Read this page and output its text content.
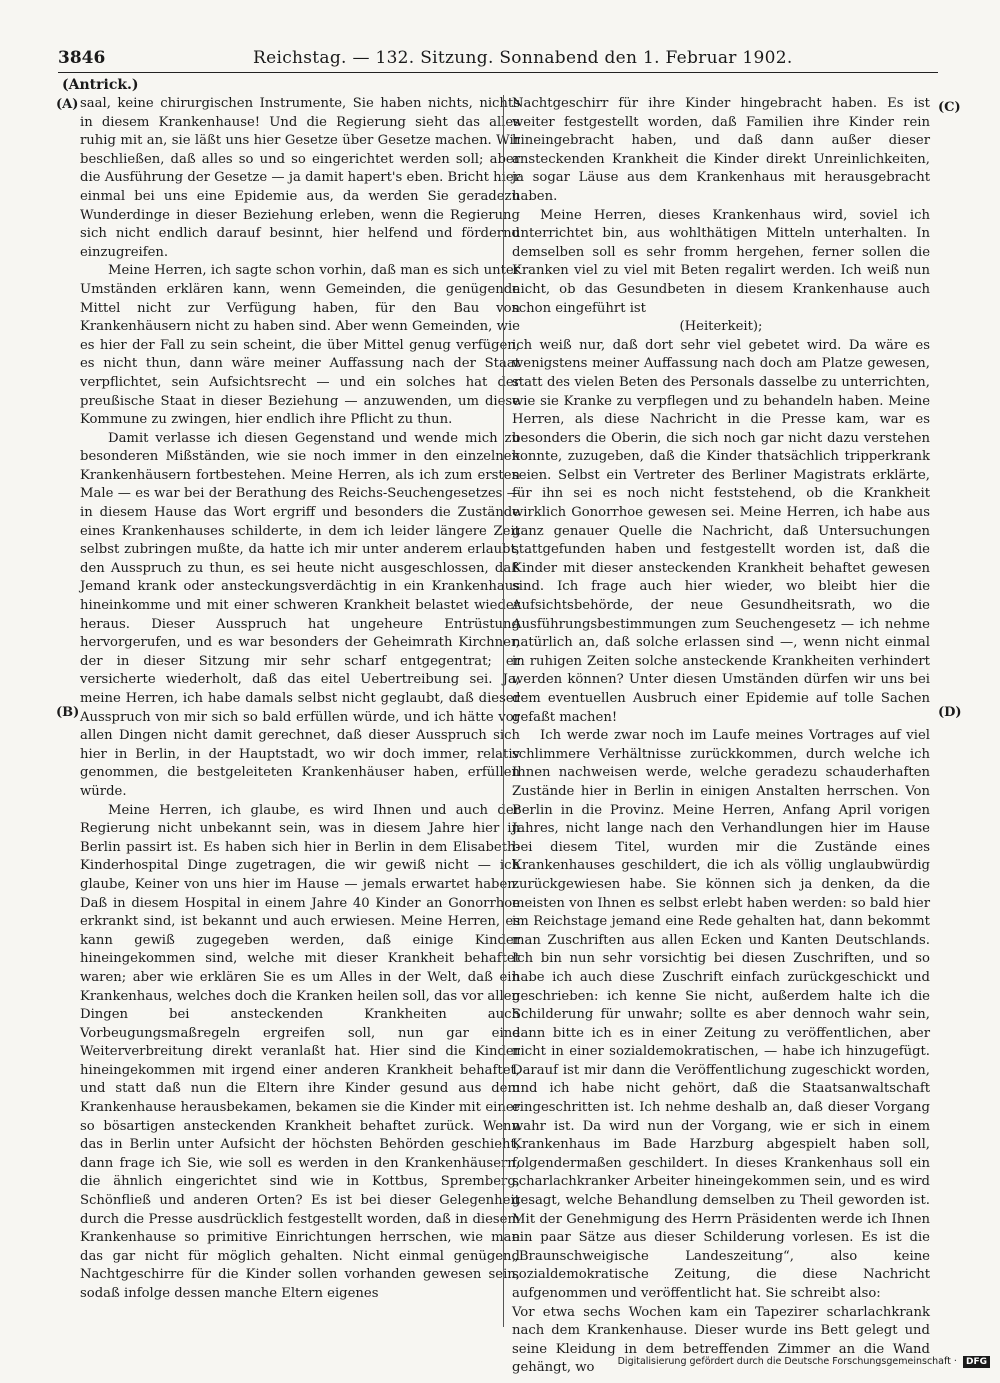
3846	Reichstag. — 132. Sitzung. Sonnabend den 1. Februar 1902.
(Antrick.)
(A)
(B)
(C)
(D)

saal, keine chirurgischen Instrumente, Sie haben nichts, nichts in diesem Krankenhause! Und die Regierung sieht das alles ruhig mit an, sie läßt uns hier Gesetze über Gesetze machen. Wir beschließen, daß alles so und so eingerichtet werden soll; aber die Ausführung der Gesetze — ja damit hapert's eben. Bricht hier einmal bei uns eine Epidemie aus, da werden Sie geradezu Wunderdinge in dieser Beziehung erleben, wenn die Regierung sich nicht endlich darauf besinnt, hier helfend und fördernd einzugreifen.

Meine Herren, ich sagte schon vorhin, daß man es sich unter Umständen erklären kann, wenn Gemeinden, die genügende Mittel nicht zur Verfügung haben, für den Bau von Krankenhäusern nicht zu haben sind. Aber wenn Gemeinden, wie es hier der Fall zu sein scheint, die über Mittel genug verfügen, es nicht thun, dann wäre meiner Auffassung nach der Staat verpflichtet, sein Aufsichtsrecht — und ein solches hat der preußische Staat in dieser Beziehung — anzuwenden, um diese Kommune zu zwingen, hier endlich ihre Pflicht zu thun.

Damit verlasse ich diesen Gegenstand und wende mich zu besonderen Mißständen, wie sie noch immer in den einzelnen Krankenhäusern fortbestehen. Meine Herren, als ich zum ersten Male — es war bei der Berathung des Reichs-Seuchengesetzes — in diesem Hause das Wort ergriff und besonders die Zustände eines Krankenhauses schilderte, in dem ich leider längere Zeit selbst zubringen mußte, da hatte ich mir unter anderem erlaubt, den Ausspruch zu thun, es sei heute nicht ausgeschlossen, daß Jemand krank oder ansteckungsverdächtig in ein Krankenhaus hineinkomme und mit einer schweren Krankheit belastet wieder heraus. Dieser Ausspruch hat ungeheure Entrüstung hervorgerufen, und es war besonders der Geheimrath Kirchner, der in dieser Sitzung mir sehr scharf entgegentrat; er versicherte wiederholt, daß das eitel Uebertreibung sei. Ja, meine Herren, ich habe damals selbst nicht geglaubt, daß dieser Ausspruch von mir sich so bald erfüllen würde, und ich hätte vor allen Dingen nicht damit gerechnet, daß dieser Ausspruch sich hier in Berlin, in der Hauptstadt, wo wir doch immer, relativ genommen, die bestgeleiteten Krankenhäuser haben, erfüllen würde.

Meine Herren, ich glaube, es wird Ihnen und auch der Regierung nicht unbekannt sein, was in diesem Jahre hier in Berlin passirt ist. Es haben sich hier in Berlin in dem Elisabeth-Kinderhospital Dinge zugetragen, die wir gewiß nicht — ich glaube, Keiner von uns hier im Hause — jemals erwartet haben. Daß in diesem Hospital in einem Jahre 40 Kinder an Gonorrhoe erkrankt sind, ist bekannt und auch erwiesen. Meine Herren, es kann gewiß zugegeben werden, daß einige Kinder hineingekommen sind, welche mit dieser Krankheit behaftet waren; aber wie erklären Sie es um Alles in der Welt, daß ein Krankenhaus, welches doch die Kranken heilen soll, das vor allen Dingen bei ansteckenden Krankheiten auch Vorbeugungsmaßregeln ergreifen soll, nun gar eine Weiterverbreitung direkt veranlaßt hat. Hier sind die Kinder hineingekommen mit irgend einer anderen Krankheit behaftet, und statt daß nun die Eltern ihre Kinder gesund aus dem Krankenhause herausbekamen, bekamen sie die Kinder mit einer so bösartigen ansteckenden Krankheit behaftet zurück. Wenn das in Berlin unter Aufsicht der höchsten Behörden geschieht, dann frage ich Sie, wie soll es werden in den Krankenhäusern, die ähnlich eingerichtet sind wie in Kottbus, Spremberg, Schönfließ und anderen Orten? Es ist bei dieser Gelegenheit durch die Presse ausdrücklich festgestellt worden, daß in diesem Krankenhause so primitive Einrichtungen herrschen, wie man das gar nicht für möglich gehalten. Nicht einmal genügend Nachtgeschirre für die Kinder sollen vorhanden gewesen sein, sodaß infolge dessen manche Eltern eigenes

Nachtgeschirr für ihre Kinder hingebracht haben. Es ist weiter festgestellt worden, daß Familien ihre Kinder rein hineingebracht haben, und daß dann außer dieser ansteckenden Krankheit die Kinder direkt Unreinlichkeiten, ja sogar Läuse aus dem Krankenhaus mit herausgebracht haben.

Meine Herren, dieses Krankenhaus wird, soviel ich unterrichtet bin, aus wohlthätigen Mitteln unterhalten. In demselben soll es sehr fromm hergehen, ferner sollen die Kranken viel zu viel mit Beten regalirt werden. Ich weiß nun nicht, ob das Gesundbeten in diesem Krankenhause auch schon eingeführt ist

(Heiterkeit);

ich weiß nur, daß dort sehr viel gebetet wird. Da wäre es wenigstens meiner Auffassung nach doch am Platze gewesen, statt des vielen Beten des Personals dasselbe zu unterrichten, wie sie Kranke zu verpflegen und zu behandeln haben. Meine Herren, als diese Nachricht in die Presse kam, war es besonders die Oberin, die sich noch gar nicht dazu verstehen konnte, zuzugeben, daß die Kinder thatsächlich tripperkrank seien. Selbst ein Vertreter des Berliner Magistrats erklärte, für ihn sei es noch nicht feststehend, ob die Krankheit wirklich Gonorrhoe gewesen sei. Meine Herren, ich habe aus ganz genauer Quelle die Nachricht, daß Untersuchungen stattgefunden haben und festgestellt worden ist, daß die Kinder mit dieser ansteckenden Krankheit behaftet gewesen sind. Ich frage auch hier wieder, wo bleibt hier die Aufsichtsbehörde, der neue Gesundheitsrath, wo die Ausführungsbestimmungen zum Seuchengesetz — ich nehme natürlich an, daß solche erlassen sind —, wenn nicht einmal in ruhigen Zeiten solche ansteckende Krankheiten verhindert werden können? Unter diesen Umständen dürfen wir uns bei dem eventuellen Ausbruch einer Epidemie auf tolle Sachen gefaßt machen!

Ich werde zwar noch im Laufe meines Vortrages auf viel schlimmere Verhältnisse zurückkommen, durch welche ich Ihnen nachweisen werde, welche geradezu schauderhaften Zustände hier in Berlin in einigen Anstalten herrschen. Von Berlin in die Provinz. Meine Herren, Anfang April vorigen Jahres, nicht lange nach den Verhandlungen hier im Hause bei diesem Titel, wurden mir die Zustände eines Krankenhauses geschildert, die ich als völlig unglaubwürdig zurückgewiesen habe. Sie können sich ja denken, da die meisten von Ihnen es selbst erlebt haben werden: so bald hier im Reichstage jemand eine Rede gehalten hat, dann bekommt man Zuschriften aus allen Ecken und Kanten Deutschlands. Ich bin nun sehr vorsichtig bei diesen Zuschriften, und so habe ich auch diese Zuschrift einfach zurückgeschickt und geschrieben: ich kenne Sie nicht, außerdem halte ich die Schilderung für unwahr; sollte es aber dennoch wahr sein, dann bitte ich es in einer Zeitung zu veröffentlichen, aber nicht in einer sozialdemokratischen, — habe ich hinzugefügt. Darauf ist mir dann die Veröffentlichung zugeschickt worden, und ich habe nicht gehört, daß die Staatsanwaltschaft eingeschritten ist. Ich nehme deshalb an, daß dieser Vorgang wahr ist. Da wird nun der Vorgang, wie er sich in einem Krankenhaus im Bade Harzburg abgespielt haben soll, folgendermaßen geschildert. In dieses Krankenhaus soll ein scharlachkranker Arbeiter hineingekommen sein, und es wird gesagt, welche Behandlung demselben zu Theil geworden ist. Mit der Genehmigung des Herrn Präsidenten werde ich Ihnen ein paar Sätze aus dieser Schilderung vorlesen. Es ist die „Braunschweigische Landeszeitung“, also keine sozialdemokratische Zeitung, die diese Nachricht aufgenommen und veröffentlicht hat. Sie schreibt also:

Vor etwa sechs Wochen kam ein Tapezirer scharlachkrank nach dem Krankenhause. Dieser wurde ins Bett gelegt und seine Kleidung in dem betreffenden Zimmer an die Wand gehängt, wo	Digitalisierung gefördert durch die Deutsche Forschungsgemeinschaft · DFG
